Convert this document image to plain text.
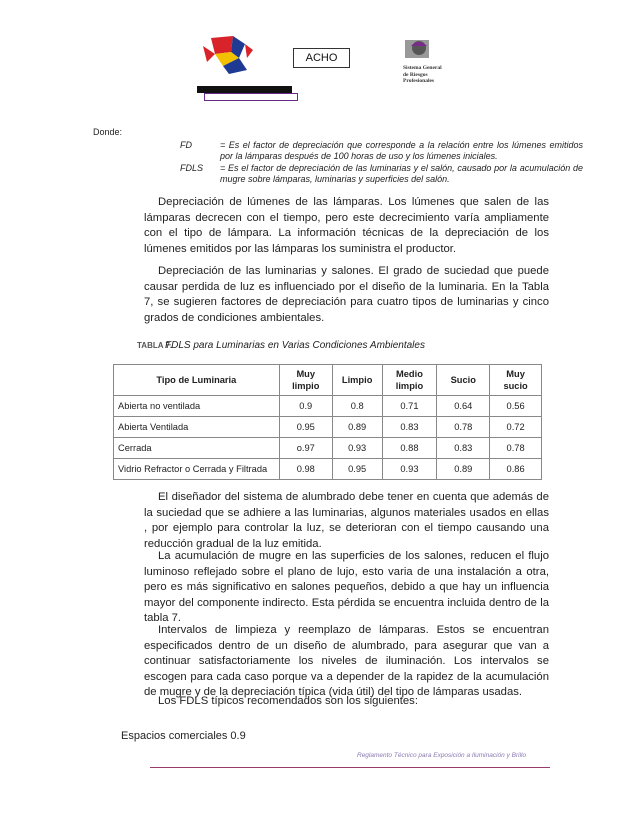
ACHO
Sistema General
de Riesgos
Profesionales
Donde:
FD	= Es el factor de depreciación que corresponde a la relación entre los lúmenes emitidos por la lámparas después de 100 horas de uso y los lúmenes iniciales.
FDLS = Es el factor de depreciación de las luminarias y el salón, causado por la acumulación de mugre sobre lámparas, luminarias y superficies del salón.
Depreciación de lúmenes de las lámparas. Los lúmenes que salen de las lámparas decrecen con el tiempo, pero este decrecimiento varía ampliamente con el tipo de lámpara. La información técnicas de la depreciación de los lúmenes emitidos por las lámparas los suministra el productor.
Depreciación de las luminarias y salones. El grado de suciedad que puede causar perdida de luz es influenciado por el diseño de la luminaria. En la Tabla 7, se sugieren factores de depreciación para cuatro tipos de luminarias y cinco grados de condiciones ambientales.
TABLA 7.
FDLS para Luminarias en Varias Condiciones Ambientales
Tipo de Luminaria	Muy limpio	Limpio	Medio limpio	Sucio	Muy sucio
Abierta no ventilada	0.9	0.8	0.71	0.64	0.56
Abierta Ventilada	0.95	0.89	0.83	0.78	0.72
Cerrada	o.97	0.93	0.88	0.83	0.78
Vidrio Refractor o Cerrada y Filtrada	0.98	0.95	0.93	0.89	0.86
El diseñador del sistema de alumbrado debe tener en cuenta que además de la suciedad que se adhiere a las luminarias, algunos materiales usados en ellas , por ejemplo para controlar la luz, se deterioran con el tiempo causando una reducción gradual de la luz emitida.
La acumulación de mugre en las superficies de los salones, reducen el flujo luminoso reflejado sobre el plano de lujo, esto varia de una instalación a otra, pero es más significativo en salones pequeños, debido a que hay un influencia mayor del componente indirecto. Esta pérdida se encuentra incluida dentro de la tabla 7.
Intervalos de limpieza y reemplazo de lámparas. Estos se encuentran especificados dentro de un diseño de alumbrado, para asegurar que van a continuar satisfactoriamente los niveles de iluminación. Los intervalos se escogen para cada caso porque va a depender de la rapidez de la acumulación de mugre y de la depreciación típica (vida útil) del tipo de lámparas usadas.
Los FDLS típicos recomendados son los siguientes:
Espacios comerciales 0.9
Reglamento Técnico para Exposición a Iluminación y Brillo
